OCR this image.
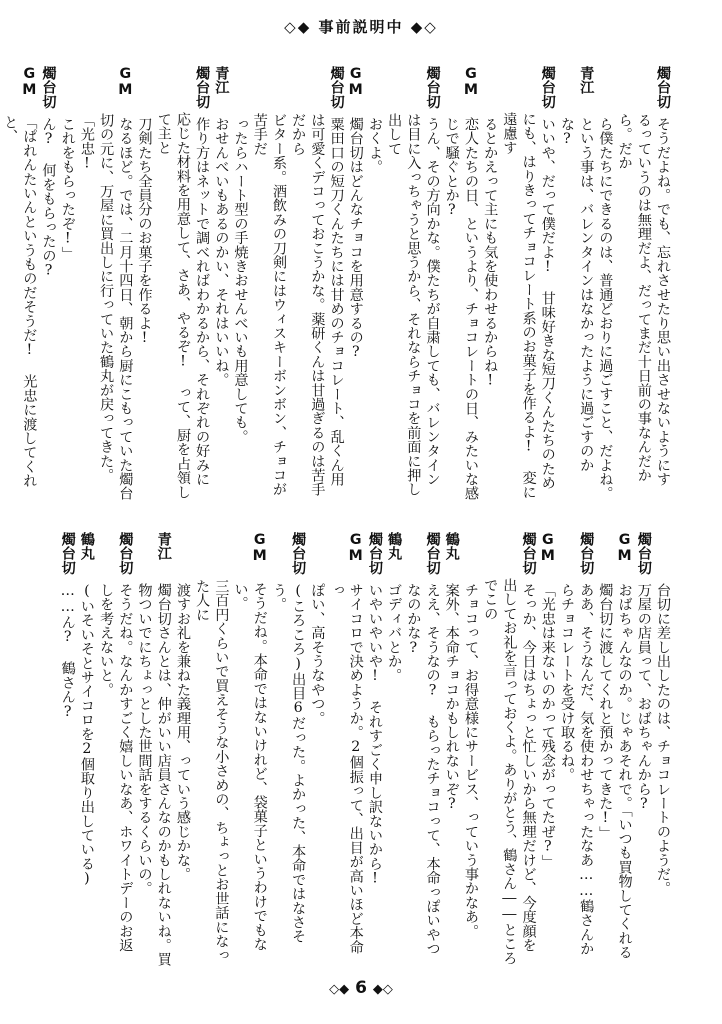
◇◆ 事前説明中 ◆◇
燭台切
そうだよね。でも、忘れさせたり思い出させないようにす
るっていうのは無理だよ、だってまだ十日前の事なんだから。だか
ら僕たちにできるのは、普通どおりに過ごすこと、だよね。
青江
という事は、バレンタインはなかったように過ごすのかな?
燭台切
いいや、だって僕だよ! 甘味好きな短刀くんたちのため
にも、はりきってチョコレート系のお菓子を作るよ! 変に遠慮す
るとかえって主にも気を使わせるからね!
GM
恋人たちの日、というより、チョコレートの日、みたいな感
じで騒ぐとか?
燭台切
うん、その方向かな。僕たちが自粛しても、バレンタイン
は目に入っちゃうと思うから、それならチョコを前面に押し出して
おくよ。
GM
燭台切はどんなチョコを用意するの?
燭台切
粟田口の短刀くんたちには甘めのチョコレート、乱くん用
は可愛くデコっておこうかな。薬研くんは甘過ぎるのは苦手だから
ビター系。酒飲みの刀剣にはウィスキーボンボン、チョコが苦手だ
ったらハート型の手焼きおせんべいも用意しても。
青江
おせんべいもあるのかい、それはいいね。
燭台切
作り方はネットで調べればわかるから、それぞれの好みに
応じた材料を用意して、さあ、やるぞ! って、厨を占領して主と
刀剣たち全員分のお菓子を作るよ!
GM
なるほど。では、二月十四日、朝から厨にこもっていた燭台
切の元に、万屋に買出しに行っていた鶴丸が戻ってきた。「光忠!
これをもらったぞ!」
燭台切
ん? 何をもらったの?
GM
「ぱれんたいんというものだそうだ! 光忠に渡してくれと、
台切に差し出したのは、チョコレートのようだ。
燭台切
万屋の店員って、おばちゃんから?
GM
おばちゃんなのか。じゃあそれで。「いつも買物してくれる
燭台切に渡してくれと預かってきた!」
燭台切
ああ、そうなんだ、気を使わせちゃったなあ……鶴さんか
らチョコレートを受け取るね。
GM
「光忠は来ないのかって残念がってたぜ?」
燭台切
そっか、今日はちょっと忙しいから無理だけど、今度顔を
出してお礼を言っておくよ。ありがとう、鶴さん――ところでこの
チョコって、お得意様にサービス、っていう事かなあ。
鶴丸
案外、本命チョコかもしれないぞ?
燭台切
ええ、そうなの? もらったチョコって、本命っぽいやつ
なのかな?
鶴丸
ゴディバとか。
燭台切
いやいやいや! それすごく申し訳ないから!
GM
サイコロで決めようか。2個振って、出目が高いほど本命っ
ぽい、高そうなやつ。
燭台切
(ころころ)出目6だった。よかった、本命ではなさそう。
GM
そうだね。本命ではないけれど、袋菓子というわけでもない。
三百円くらいで買えそうな小さめの、ちょっとお世話になった人に
渡すお礼を兼ねた義理用、っていう感じかな。
青江
燭台切さんとは、仲がいい店員さんなのかもしれないね。買
物ついでにちょっとした世間話をするくらいの。
燭台切
そうだね。なんかすごく嬉しいなあ、ホワイトデーのお返
しを考えないと。
鶴丸
(いそいそとサイコロを2個取り出している)
燭台切
……ん? 鶴さん?
◇◆ 6 ◆◇
